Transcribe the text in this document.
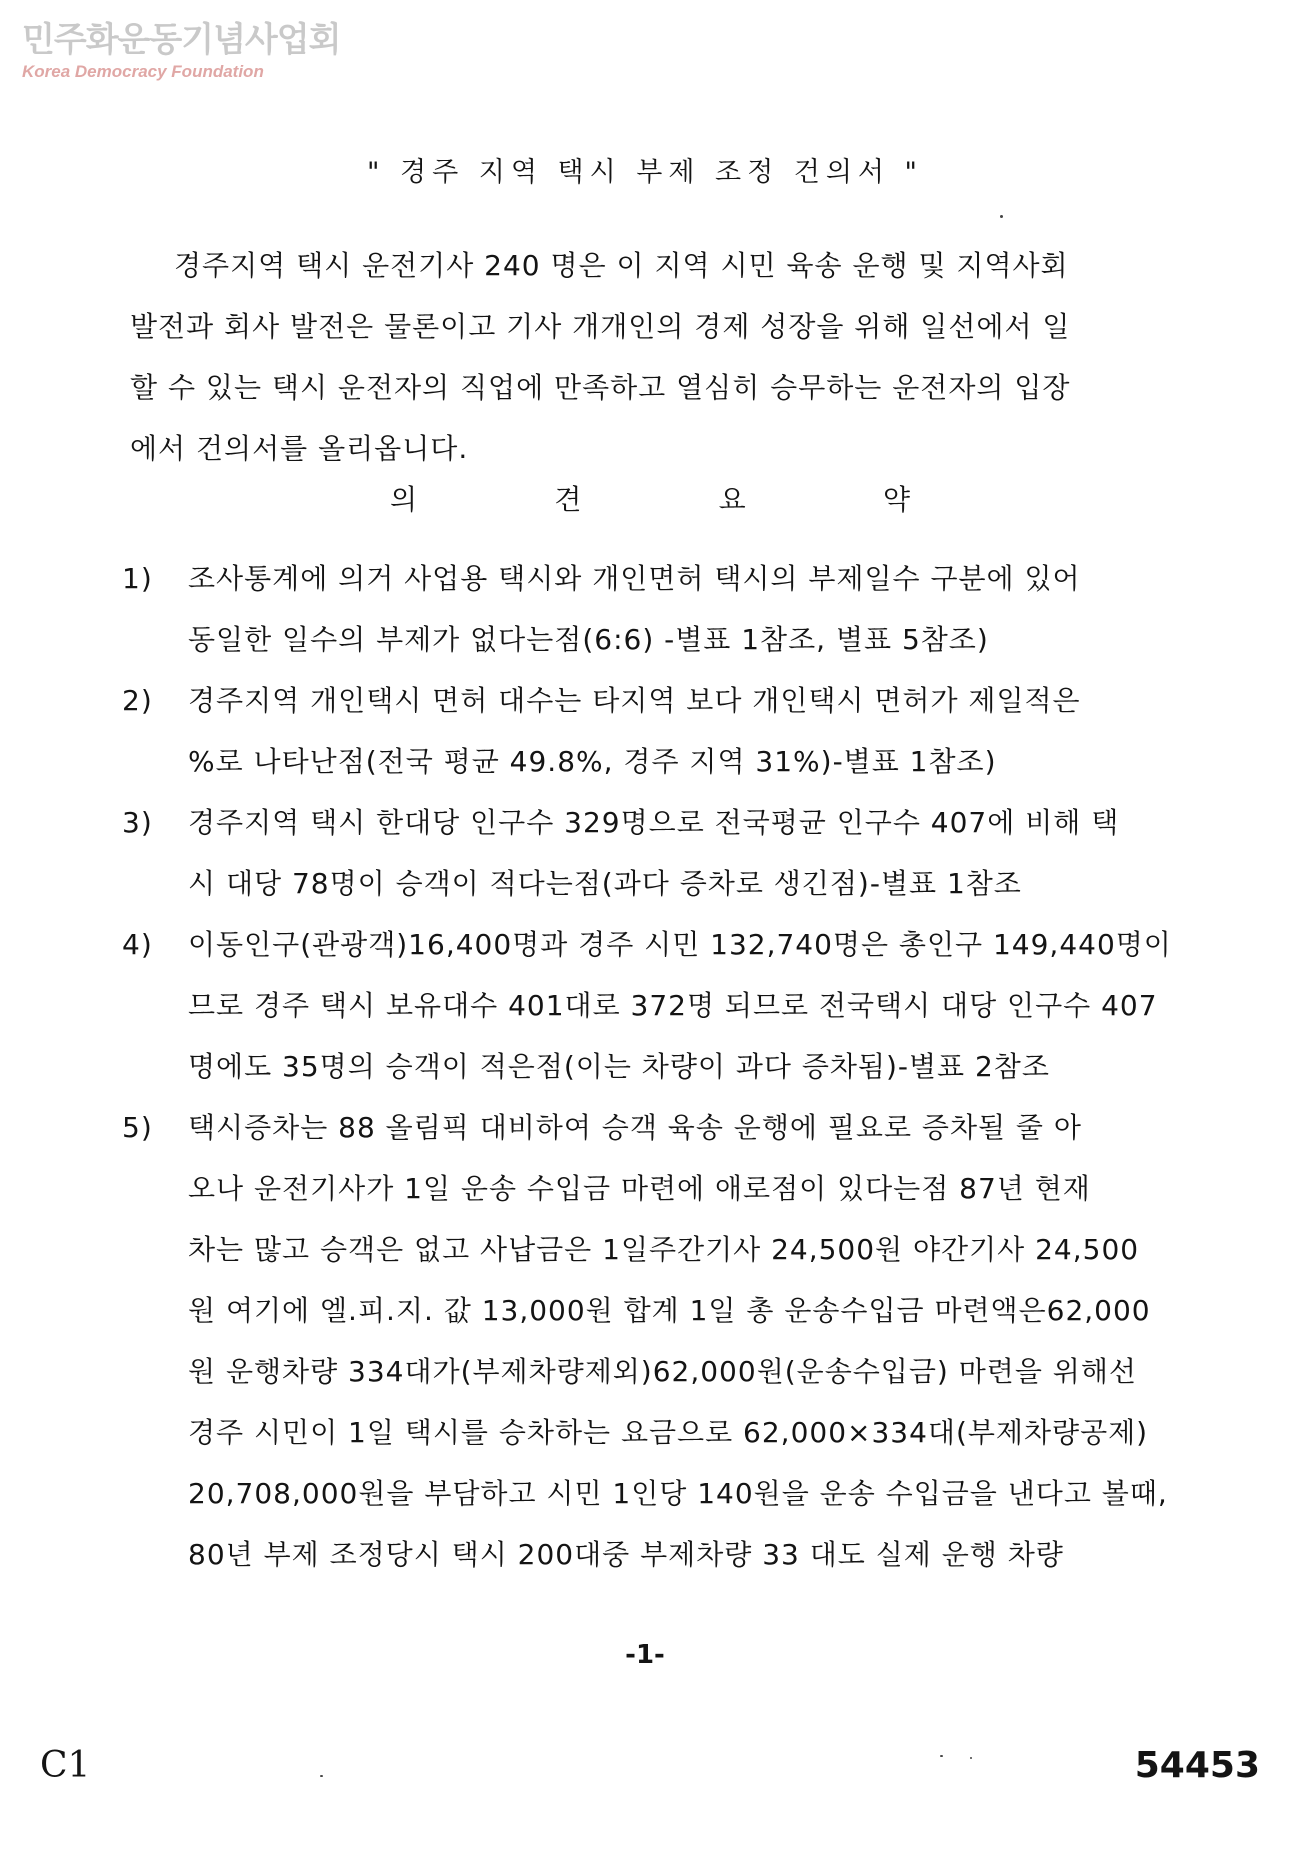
민주화운동기념사업회
Korea Democracy Foundation
" 경주 지역 택시 부제 조정 건의서 "
경주지역 택시 운전기사 240 명은 이 지역 시민 육송 운행 및 지역사회
발전과 회사 발전은 물론이고 기사 개개인의 경제 성장을 위해 일선에서 일
할 수 있는 택시 운전자의 직업에 만족하고 열심히 승무하는 운전자의 입장
에서 건의서를 올리옵니다.
의	견	요	약
1) 조사통계에 의거 사업용 택시와 개인면허 택시의 부제일수 구분에 있어
동일한 일수의 부제가 없다는점(6:6) -별표 1참조, 별표 5참조)
2) 경주지역 개인택시 면허 대수는 타지역 보다 개인택시 면허가 제일적은
%로 나타난점(전국 평균 49.8%, 경주 지역 31%)-별표 1참조)
3) 경주지역 택시 한대당 인구수 329명으로 전국평균 인구수 407에 비해 택
시 대당 78명이 승객이 적다는점(과다 증차로 생긴점)-별표 1참조
4) 이동인구(관광객)16,400명과 경주 시민 132,740명은 총인구 149,440명이
므로 경주 택시 보유대수 401대로 372명 되므로 전국택시 대당 인구수 407
명에도 35명의 승객이 적은점(이는 차량이 과다 증차됨)-별표 2참조
5) 택시증차는 88 올림픽 대비하여 승객 육송 운행에 필요로 증차될 줄 아
오나 운전기사가 1일 운송 수입금 마련에 애로점이 있다는점 87년 현재
차는 많고 승객은 없고 사납금은 1일주간기사 24,500원 야간기사 24,500
원 여기에 엘.피.지. 값 13,000원 합계 1일 총 운송수입금 마련액은62,000
원 운행차량 334대가(부제차량제외)62,000원(운송수입금) 마련을 위해선
경주 시민이 1일 택시를 승차하는 요금으로 62,000×334대(부제차량공제)
20,708,000원을 부담하고 시민 1인당 140원을 운송 수입금을 낸다고 볼때,
80년 부제 조정당시 택시 200대중 부제차량 33 대도 실제 운행 차량
-1-
C1	54453
